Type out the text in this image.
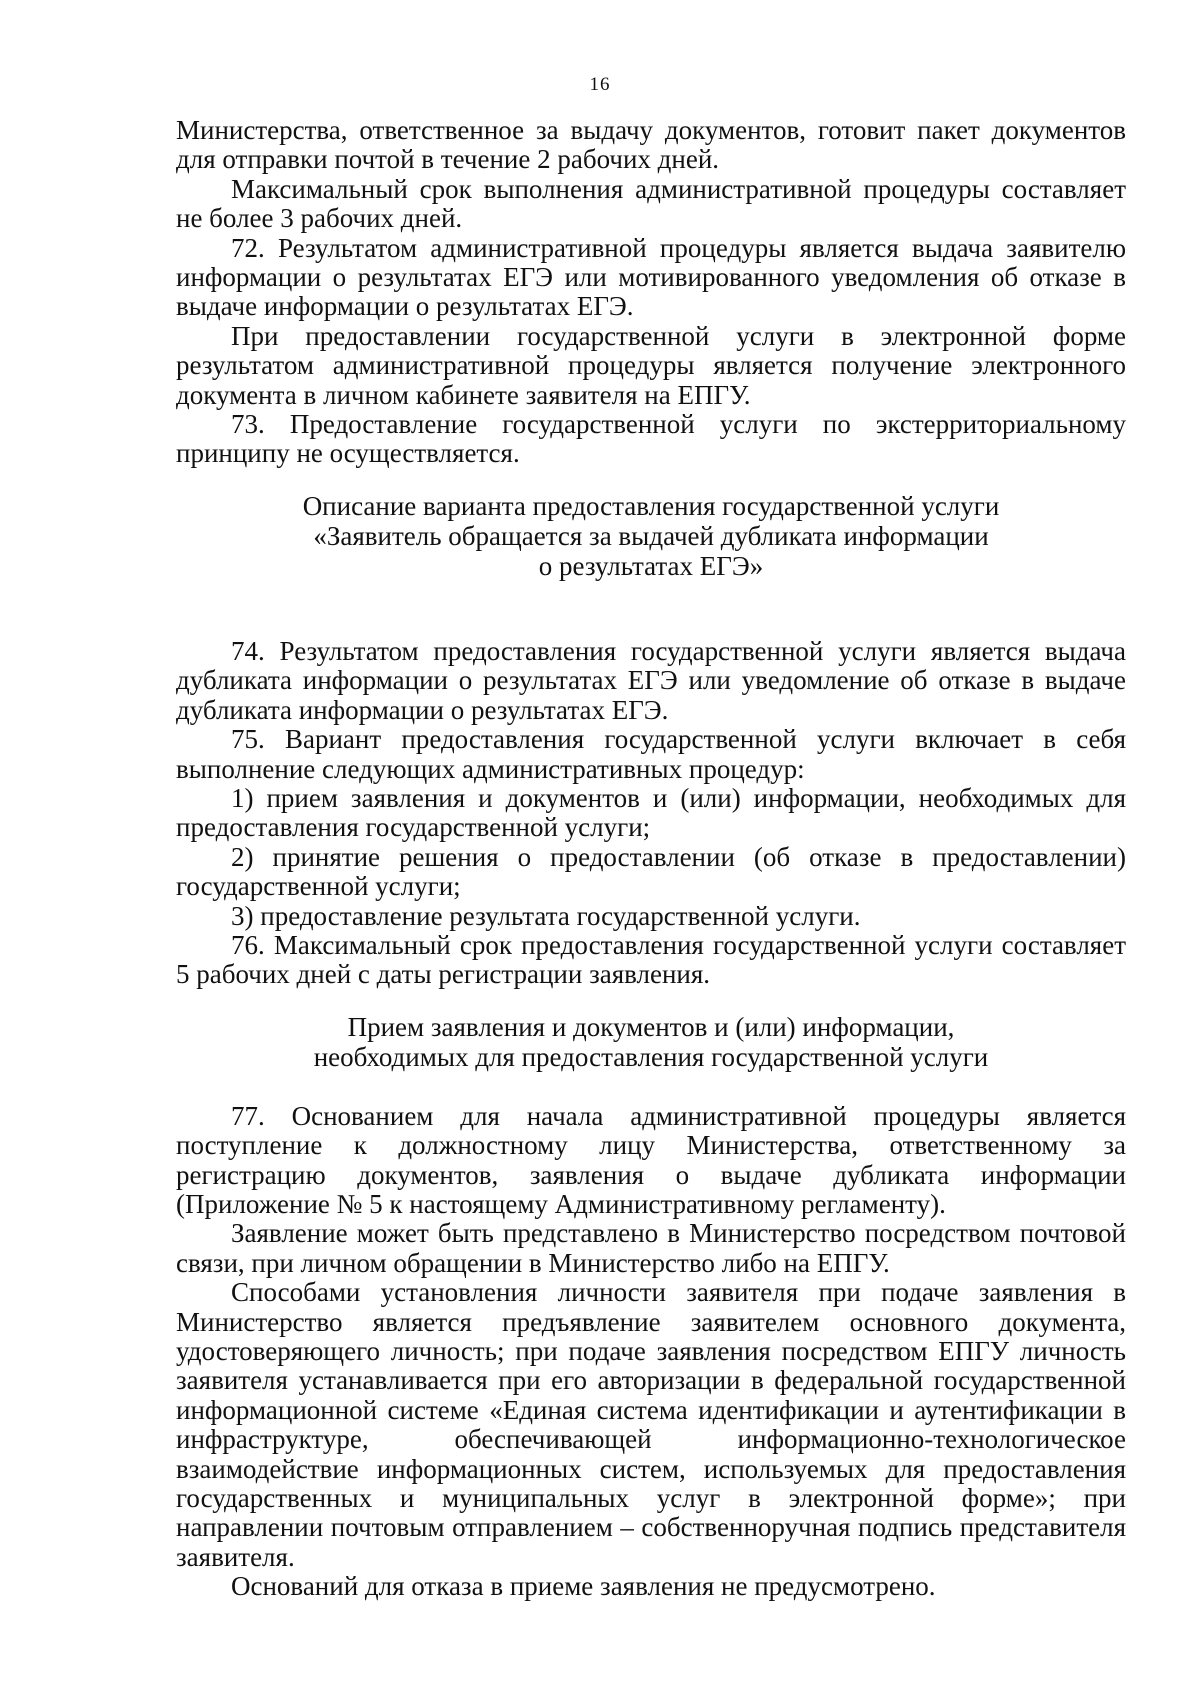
16

Министерства, ответственное за выдачу документов, готовит пакет документов для отправки почтой в течение 2 рабочих дней.

Максимальный срок выполнения административной процедуры составляет не более 3 рабочих дней.

72. Результатом административной процедуры является выдача заявителю информации о результатах ЕГЭ или мотивированного уведомления об отказе в выдаче информации о результатах ЕГЭ.

При предоставлении государственной услуги в электронной форме результатом административной процедуры является получение электронного документа в личном кабинете заявителя на ЕПГУ.

73. Предоставление государственной услуги по экстерриториальному принципу не осуществляется.

Описание варианта предоставления государственной услуги
«Заявитель обращается за выдачей дубликата информации
о результатах ЕГЭ»

74. Результатом предоставления государственной услуги является выдача дубликата информации о результатах ЕГЭ или уведомление об отказе в выдаче дубликата информации о результатах ЕГЭ.

75. Вариант предоставления государственной услуги включает в себя выполнение следующих административных процедур:

1) прием заявления и документов и (или) информации, необходимых для предоставления государственной услуги;

2) принятие решения о предоставлении (об отказе в предоставлении) государственной услуги;

3) предоставление результата государственной услуги.

76. Максимальный срок предоставления государственной услуги составляет 5 рабочих дней с даты регистрации заявления.

Прием заявления и документов и (или) информации,
необходимых для предоставления государственной услуги

77. Основанием для начала административной процедуры является поступление к должностному лицу Министерства, ответственному за регистрацию документов, заявления о выдаче дубликата информации (Приложение № 5 к настоящему Административному регламенту).

Заявление может быть представлено в Министерство посредством почтовой связи, при личном обращении в Министерство либо на ЕПГУ.

Способами установления личности заявителя при подаче заявления в Министерство является предъявление заявителем основного документа, удостоверяющего личность; при подаче заявления посредством ЕПГУ личность заявителя устанавливается при его авторизации в федеральной государственной информационной системе «Единая система идентификации и аутентификации в инфраструктуре, обеспечивающей информационно-технологическое взаимодействие информационных систем, используемых для предоставления государственных и муниципальных услуг в электронной форме»; при направлении почтовым отправлением – собственноручная подпись представителя заявителя.

Оснований для отказа в приеме заявления не предусмотрено.
